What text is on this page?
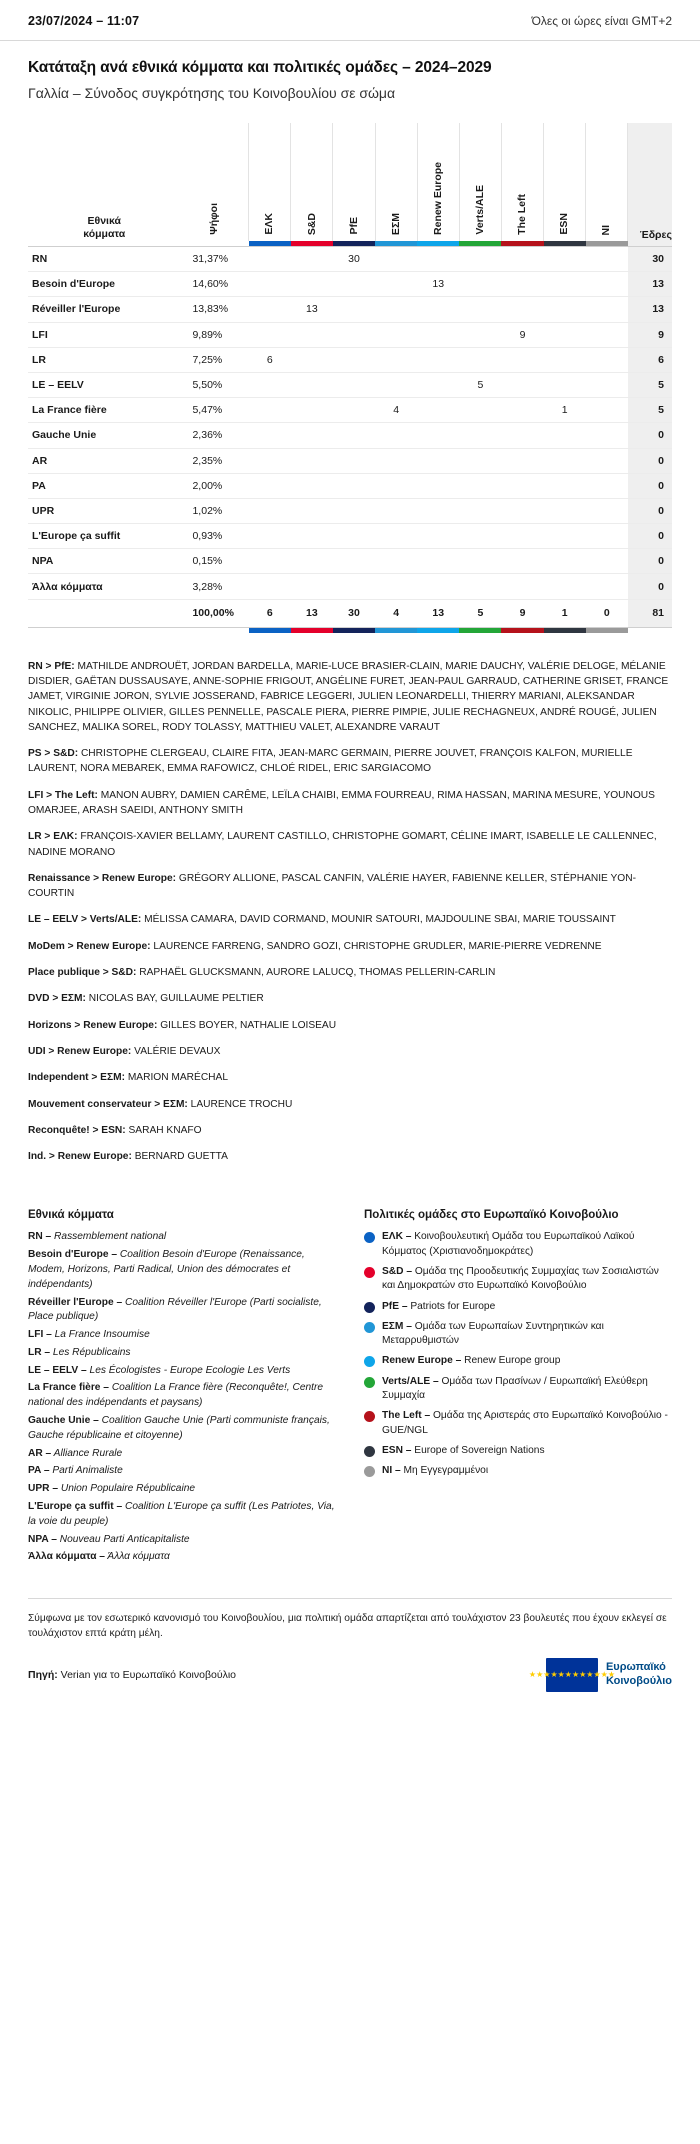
23/07/2024 – 11:07	Όλες οι ώρες είναι GMT+2
Κατάταξη ανά εθνικά κόμματα και πολιτικές ομάδες – 2024–2029
Γαλλία – Σύνοδος συγκρότησης του Κοινοβουλίου σε σώμα
Εθνικά
κόμματα	Ψήφοι	EΛΚ	S&D	PfE	ΕΣΜ	Renew Europe	Verts/ALE	The Left	ESN	NI	Έδρες

RN	31,37%			30							30
Besoin d'Europe	14,60%					13					13
Réveiller l'Europe	13,83%		13								13
LFI	9,89%							9			9
LR	7,25%	6									6
LE – EELV	5,50%						5				5
La France fière	5,47%				4				1		5
Gauche Unie	2,36%										0
AR	2,35%										0
PA	2,00%										0
UPR	1,02%										0
L'Europe ça suffit	0,93%										0
NPA	0,15%										0
Άλλα κόμματα	3,28%										0
	100,00%	6	13	30	4	13	5	9	1	0	81

RN > PfE: MATHILDE ANDROUËT, JORDAN BARDELLA, MARIE-LUCE BRASIER-CLAIN, MARIE DAUCHY, VALÉRIE DELOGE, MÉLANIE DISDIER, GAËTAN DUSSAUSAYE, ANNE-SOPHIE FRIGOUT, ANGÉLINE FURET, JEAN-PAUL GARRAUD, CATHERINE GRISET, FRANCE JAMET, VIRGINIE JORON, SYLVIE JOSSERAND, FABRICE LEGGERI, JULIEN LEONARDELLI, THIERRY MARIANI, ALEKSANDAR NIKOLIC, PHILIPPE OLIVIER, GILLES PENNELLE, PASCALE PIERA, PIERRE PIMPIE, JULIE RECHAGNEUX, ANDRÉ ROUGÉ, JULIEN SANCHEZ, MALIKA SOREL, RODY TOLASSY, MATTHIEU VALET, ALEXANDRE VARAUT
PS > S&D: CHRISTOPHE CLERGEAU, CLAIRE FITA, JEAN-MARC GERMAIN, PIERRE JOUVET, FRANÇOIS KALFON, MURIELLE LAURENT, NORA MEBAREK, EMMA RAFOWICZ, CHLOÉ RIDEL, ERIC SARGIACOMO
LFI > The Left: MANON AUBRY, DAMIEN CARÊME, LEÏLA CHAIBI, EMMA FOURREAU, RIMA HASSAN, MARINA MESURE, YOUNOUS OMARJEE, ARASH SAEIDI, ANTHONY SMITH
LR > ΕΛΚ: FRANÇOIS-XAVIER BELLAMY, LAURENT CASTILLO, CHRISTOPHE GOMART, CÉLINE IMART, ISABELLE LE CALLENNEC, NADINE MORANO
Renaissance > Renew Europe: GRÉGORY ALLIONE, PASCAL CANFIN, VALÉRIE HAYER, FABIENNE KELLER, STÉPHANIE YON-COURTIN
LE – EELV > Verts/ALE: MÉLISSA CAMARA, DAVID CORMAND, MOUNIR SATOURI, MAJDOULINE SBAI, MARIE TOUSSAINT
MoDem > Renew Europe: LAURENCE FARRENG, SANDRO GOZI, CHRISTOPHE GRUDLER, MARIE-PIERRE VEDRENNE
Place publique > S&D: RAPHAËL GLUCKSMANN, AURORE LALUCQ, THOMAS PELLERIN-CARLIN
DVD > ΕΣΜ: NICOLAS BAY, GUILLAUME PELTIER
Horizons > Renew Europe: GILLES BOYER, NATHALIE LOISEAU
UDI > Renew Europe: VALÉRIE DEVAUX
Independent > ΕΣΜ: MARION MARÉCHAL
Mouvement conservateur > ΕΣΜ: LAURENCE TROCHU
Reconquête! > ESN: SARAH KNAFO
Ind. > Renew Europe: BERNARD GUETTA
Εθνικά κόμματα
RN – Rassemblement national
Besoin d'Europe – Coalition Besoin d'Europe (Renaissance, Modem, Horizons, Parti Radical, Union des démocrates et indépendants)
Réveiller l'Europe – Coalition Réveiller l'Europe (Parti socialiste, Place publique)
LFI – La France Insoumise
LR – Les Républicains
LE – EELV – Les Écologistes - Europe Ecologie Les Verts
La France fière – Coalition La France fière (Reconquête!, Centre national des indépendants et paysans)
Gauche Unie – Coalition Gauche Unie (Parti communiste français, Gauche républicaine et citoyenne)
AR – Alliance Rurale
PA – Parti Animaliste
UPR – Union Populaire Républicaine
L'Europe ça suffit – Coalition L'Europe ça suffit (Les Patriotes, Via, la voie du peuple)
NPA – Nouveau Parti Anticapitaliste
Άλλα κόμματα – Άλλα κόμματα
Πολιτικές ομάδες στο Ευρωπαϊκό Κοινοβούλιο
ΕΛΚ – Κοινοβουλευτική Ομάδα του Ευρωπαϊκού Λαϊκού Κόμματος (Χριστιανοδημοκράτες)
S&D – Ομάδα της Προοδευτικής Συμμαχίας των Σοσιαλιστών και Δημοκρατών στο Ευρωπαϊκό Κοινοβούλιο
PfE – Patriots for Europe
ΕΣΜ – Ομάδα των Ευρωπαίων Συντηρητικών και Μεταρρυθμιστών
Renew Europe – Renew Europe group
Verts/ALE – Ομάδα των Πρασίνων / Ευρωπαϊκή Ελεύθερη Συμμαχία
The Left – Ομάδα της Αριστεράς στο Ευρωπαϊκό Κοινοβούλιο - GUE/NGL
ESN – Europe of Sovereign Nations
NI – Μη Εγγεγραμμένοι
Σύμφωνα με τον εσωτερικό κανονισμό του Κοινοβουλίου, μια πολιτική ομάδα απαρτίζεται από τουλάχιστον 23 βουλευτές που έχουν εκλεγεί σε τουλάχιστον επτά κράτη μέλη.
Πηγή: Verian για το Ευρωπαϊκό Κοινοβούλιο	★★★★★★★★★★★★
Ευρωπαϊκό
Κοινοβούλιο
